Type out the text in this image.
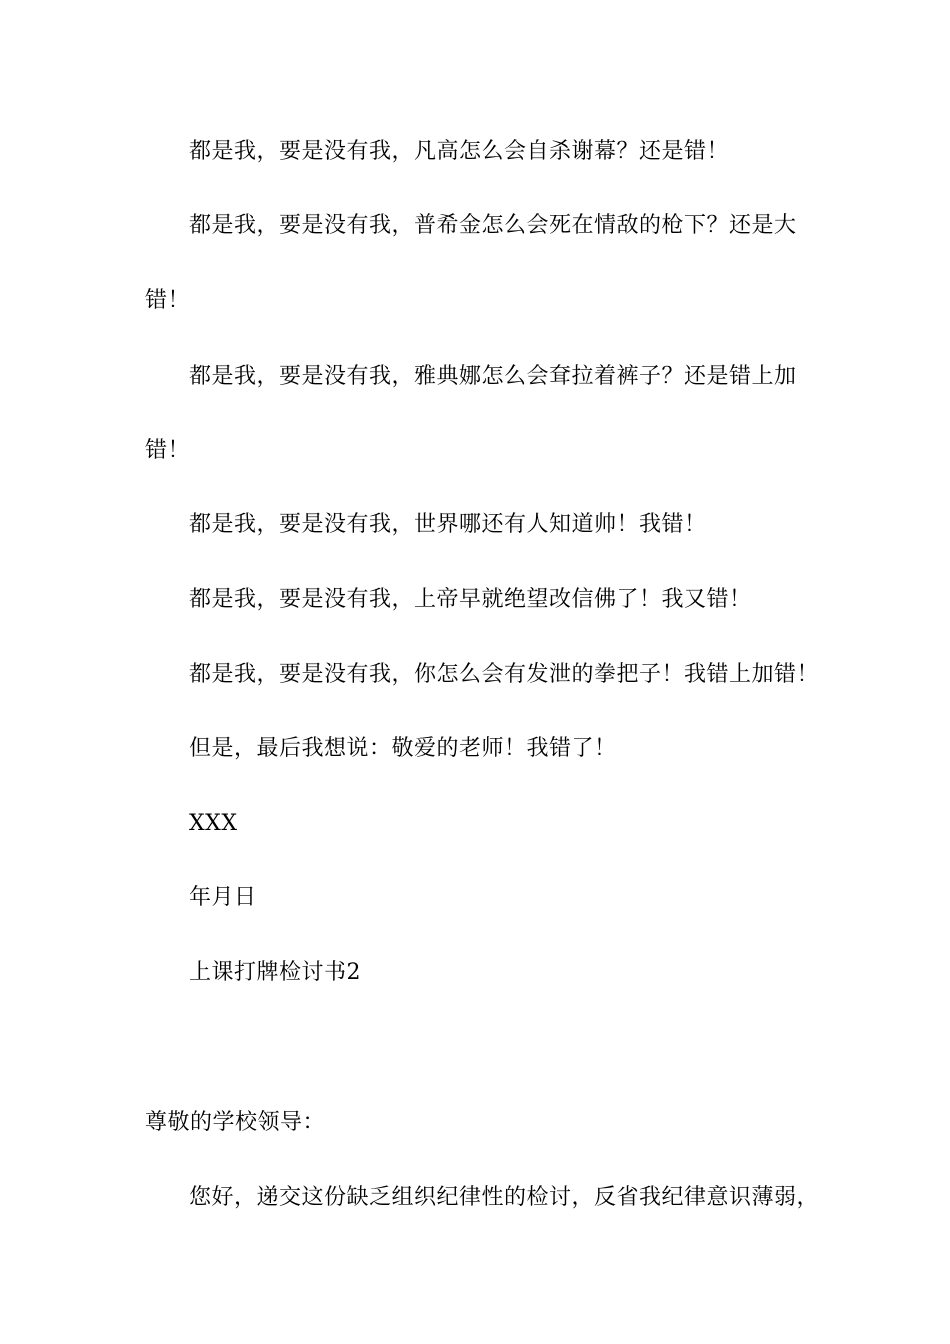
都是我，要是没有我，凡高怎么会自杀谢幕？还是错！

都是我，要是没有我，普希金怎么会死在情敌的枪下？还是大

错！

都是我，要是没有我，雅典娜怎么会耷拉着裤子？还是错上加

错！

都是我，要是没有我，世界哪还有人知道帅！我错！

都是我，要是没有我，上帝早就绝望改信佛了！我又错！

都是我，要是没有我，你怎么会有发泄的拳把子！我错上加错！

但是，最后我想说：敬爱的老师！我错了！

XXX

年月日

上课打牌检讨书2

尊敬的学校领导：

您好，递交这份缺乏组织纪律性的检讨，反省我纪律意识薄弱，
